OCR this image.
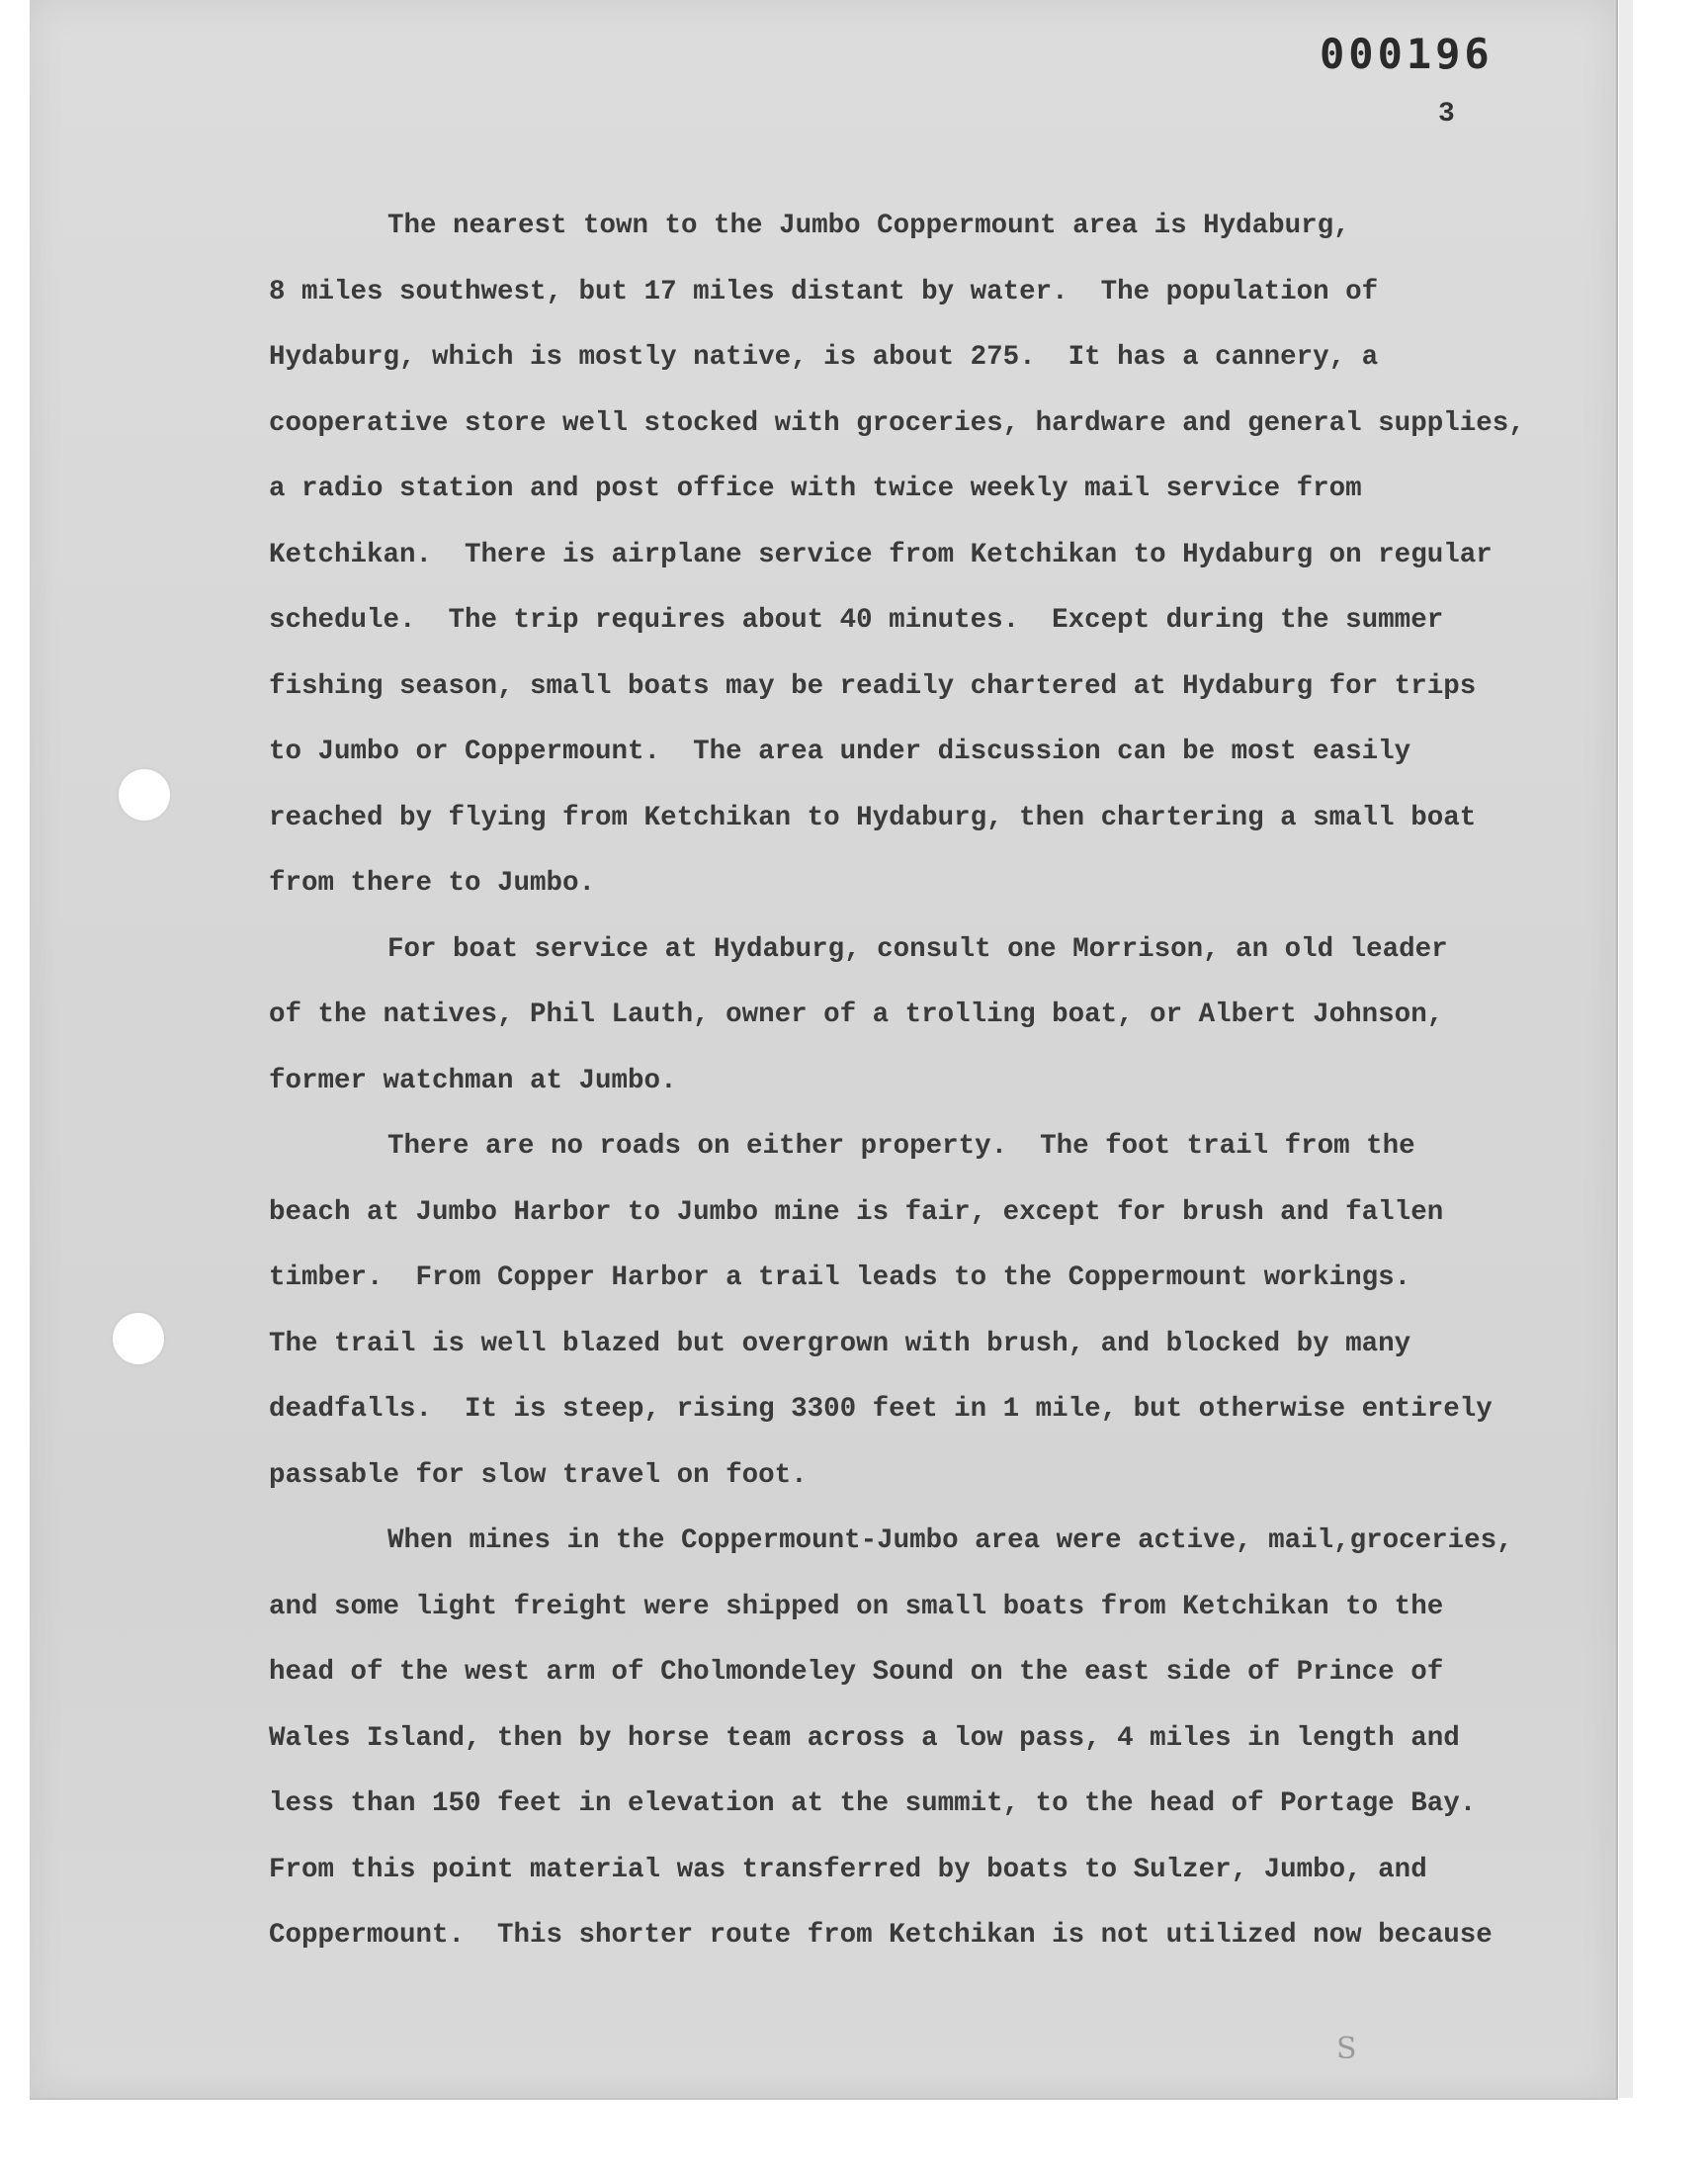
000196
3
The nearest town to the Jumbo Coppermount area is Hydaburg,
8 miles southwest, but 17 miles distant by water.  The population of
Hydaburg, which is mostly native, is about 275.  It has a cannery, a
cooperative store well stocked with groceries, hardware and general supplies,
a radio station and post office with twice weekly mail service from
Ketchikan.  There is airplane service from Ketchikan to Hydaburg on regular
schedule.  The trip requires about 40 minutes.  Except during the summer
fishing season, small boats may be readily chartered at Hydaburg for trips
to Jumbo or Coppermount.  The area under discussion can be most easily
reached by flying from Ketchikan to Hydaburg, then chartering a small boat
from there to Jumbo.
For boat service at Hydaburg, consult one Morrison, an old leader
of the natives, Phil Lauth, owner of a trolling boat, or Albert Johnson,
former watchman at Jumbo.
There are no roads on either property.  The foot trail from the
beach at Jumbo Harbor to Jumbo mine is fair, except for brush and fallen
timber.  From Copper Harbor a trail leads to the Coppermount workings.
The trail is well blazed but overgrown with brush, and blocked by many
deadfalls.  It is steep, rising 3300 feet in 1 mile, but otherwise entirely
passable for slow travel on foot.
When mines in the Coppermount-Jumbo area were active, mail,groceries,
and some light freight were shipped on small boats from Ketchikan to the
head of the west arm of Cholmondeley Sound on the east side of Prince of
Wales Island, then by horse team across a low pass, 4 miles in length and
less than 150 feet in elevation at the summit, to the head of Portage Bay.
From this point material was transferred by boats to Sulzer, Jumbo, and
Coppermount.  This shorter route from Ketchikan is not utilized now because
S
